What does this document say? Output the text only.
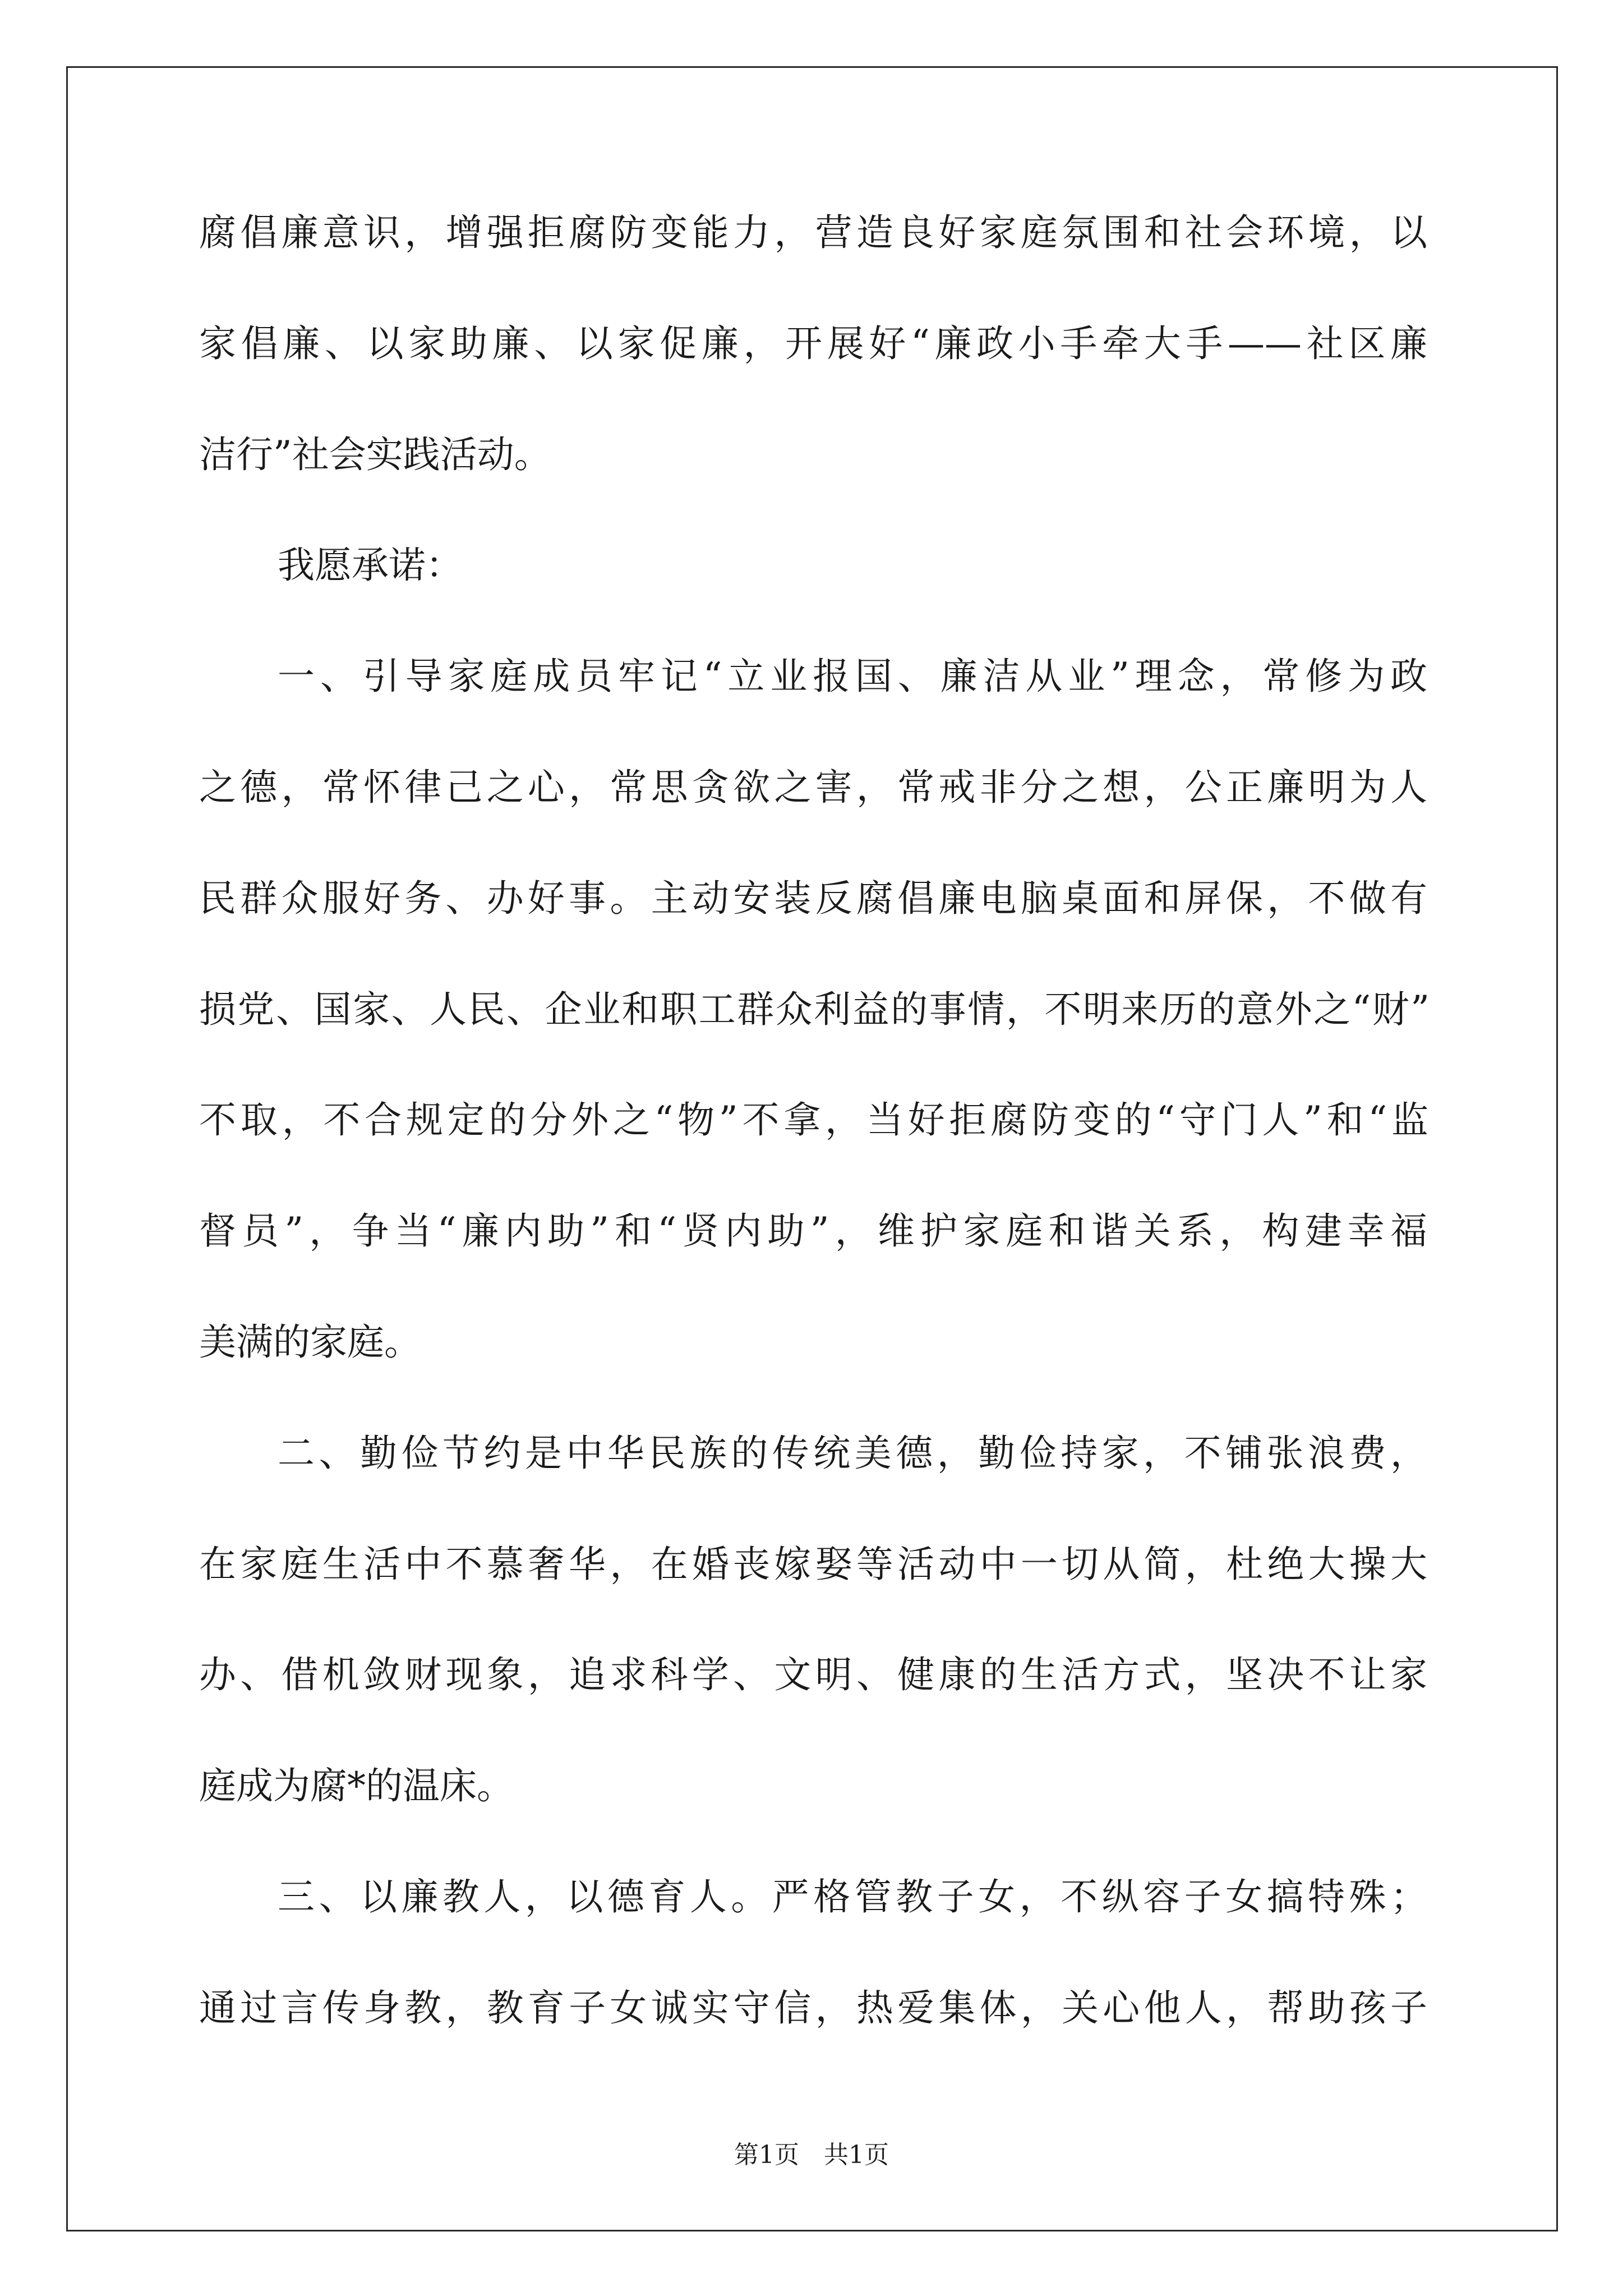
腐倡廉意识，增强拒腐防变能力，营造良好家庭氛围和社会环境，以
家倡廉、以家助廉、以家促廉，开展好“廉政小手牵大手——社区廉
洁行”社会实践活动。
我愿承诺：
一、引导家庭成员牢记“立业报国、廉洁从业”理念，常修为政
之德，常怀律己之心，常思贪欲之害，常戒非分之想，公正廉明为人
民群众服好务、办好事。主动安装反腐倡廉电脑桌面和屏保，不做有
损党、国家、人民、企业和职工群众利益的事情，不明来历的意外之“财”
不取，不合规定的分外之“物”不拿，当好拒腐防变的“守门人”和“监
督员”，争当“廉内助”和“贤内助”，维护家庭和谐关系，构建幸福
美满的家庭。
二、勤俭节约是中华民族的传统美德，勤俭持家，不铺张浪费，
在家庭生活中不慕奢华，在婚丧嫁娶等活动中一切从简，杜绝大操大
办、借机敛财现象，追求科学、文明、健康的生活方式，坚决不让家
庭成为腐*的温床。
三、以廉教人，以德育人。严格管教子女，不纵容子女搞特殊；
通过言传身教，教育子女诚实守信，热爱集体，关心他人，帮助孩子
第1页　共1页
